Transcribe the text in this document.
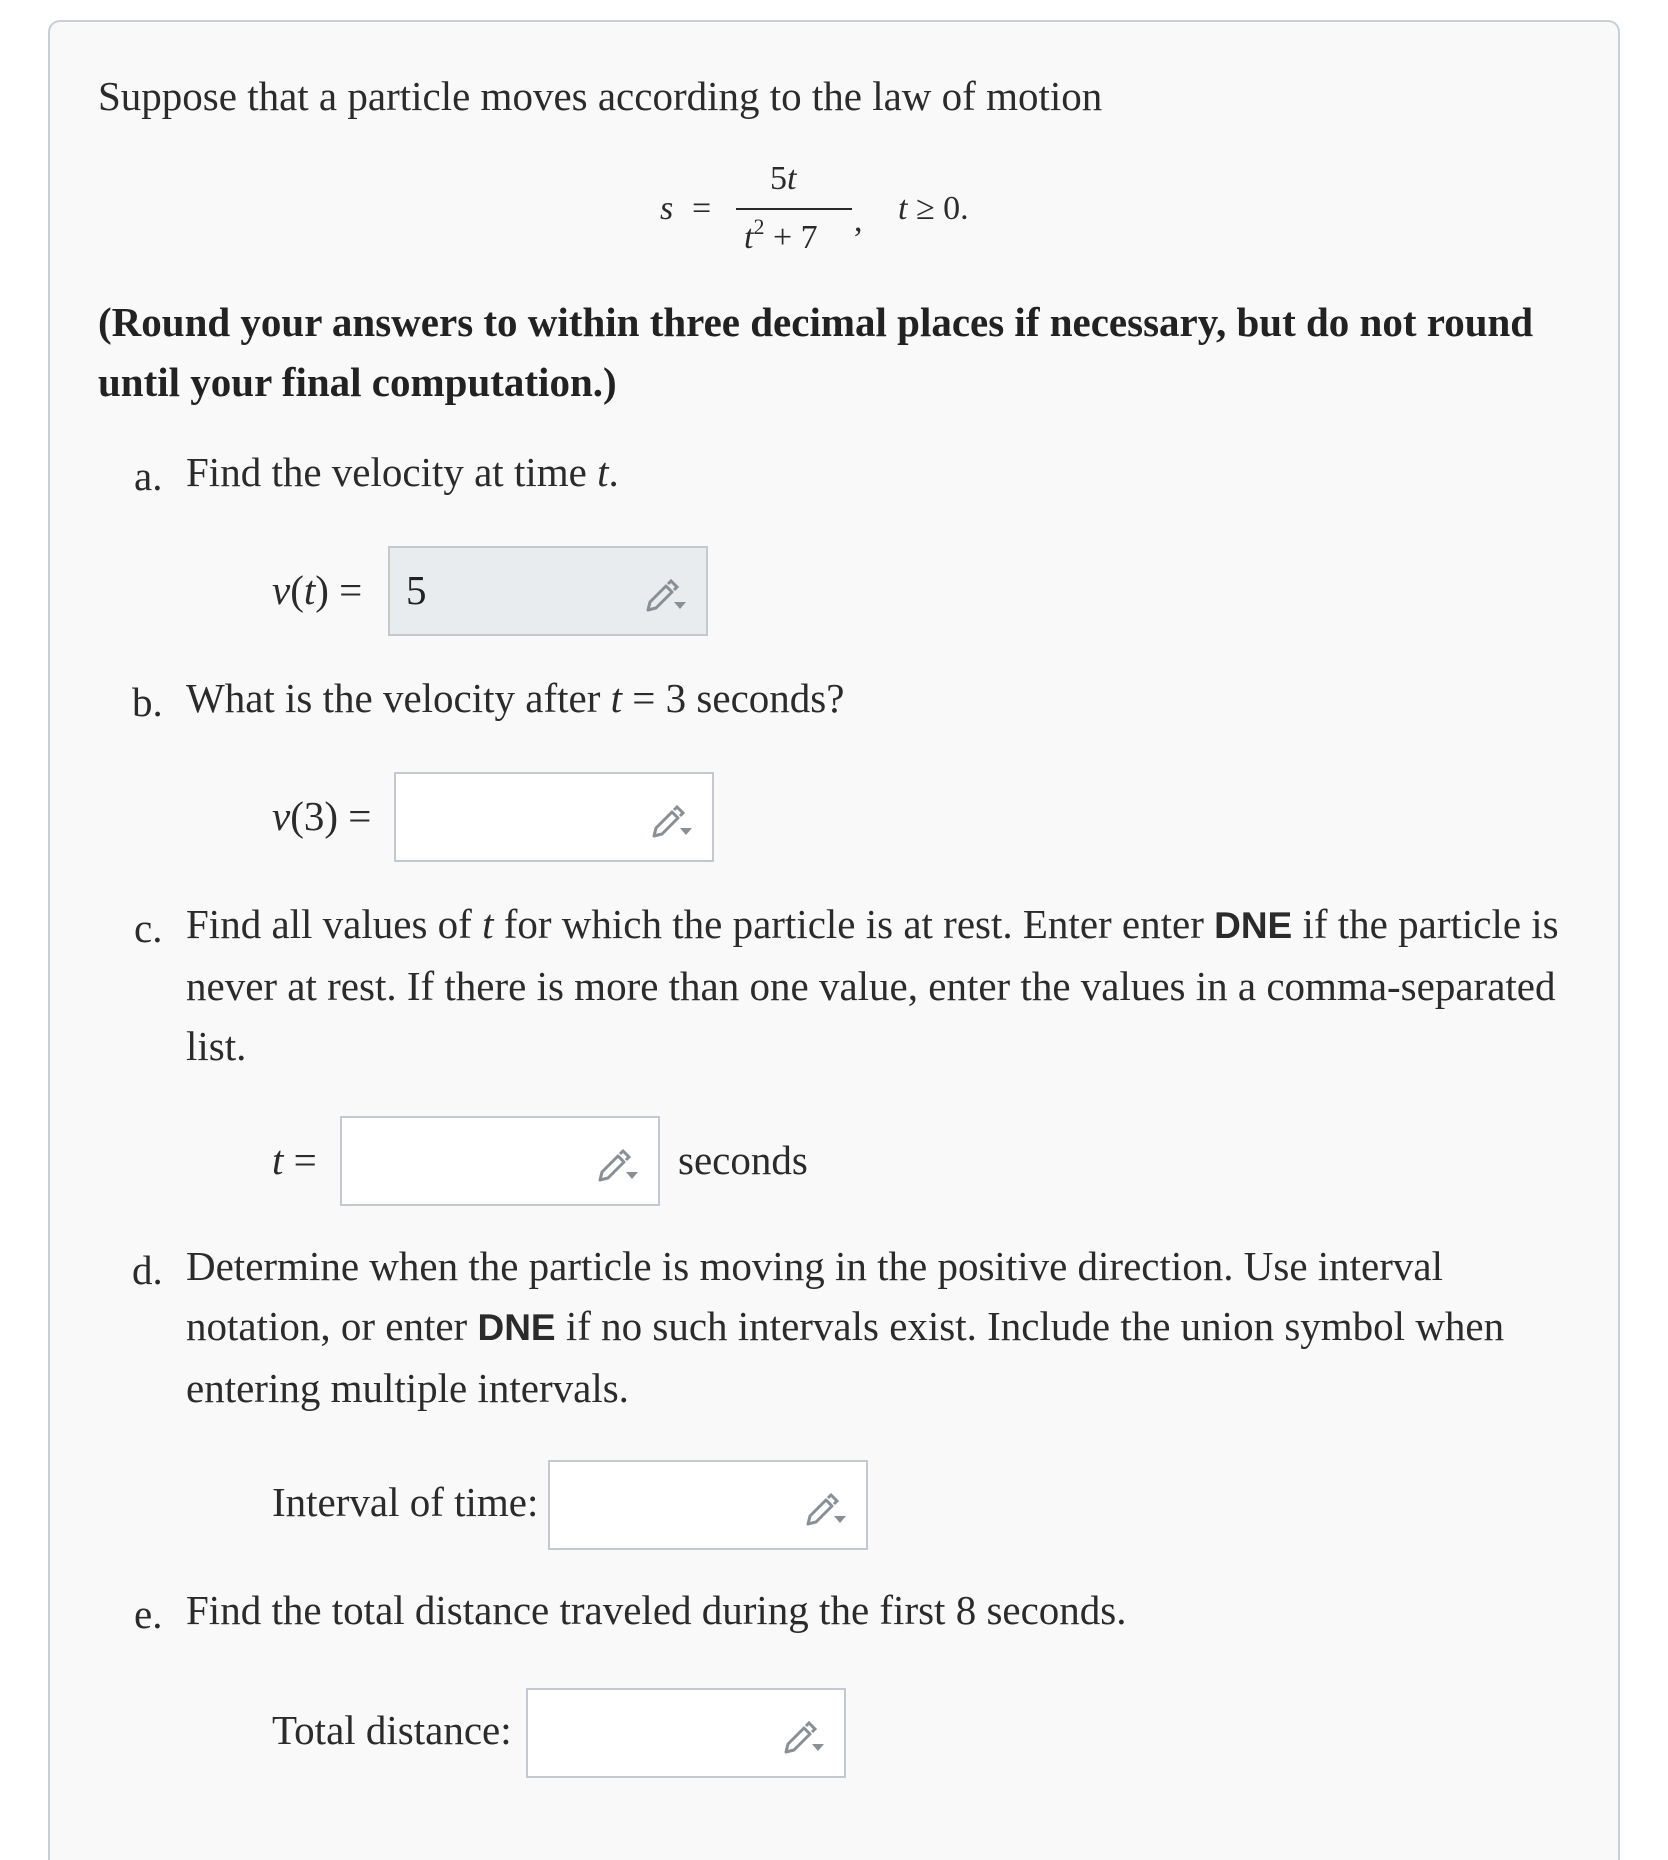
Suppose that a particle moves according to the law of motion
s =
5t
$t^2 + 7$ , t ≥ 0.
(Round your answers to within three decimal places if necessary, but do not round until your final computation.)
a. Find the velocity at time t.
v(t) = 5
b. What is the velocity after t = 3 seconds?
v(3) =
c. Find all values of t for which the particle is at rest. Enter enter DNE if the particle is never at rest. If there is more than one value, enter the values in a comma-separated list.
t =	seconds
d. Determine when the particle is moving in the positive direction. Use interval notation, or enter DNE if no such intervals exist. Include the union symbol when entering multiple intervals.
Interval of time:
e. Find the total distance traveled during the first 8 seconds.
Total distance:
